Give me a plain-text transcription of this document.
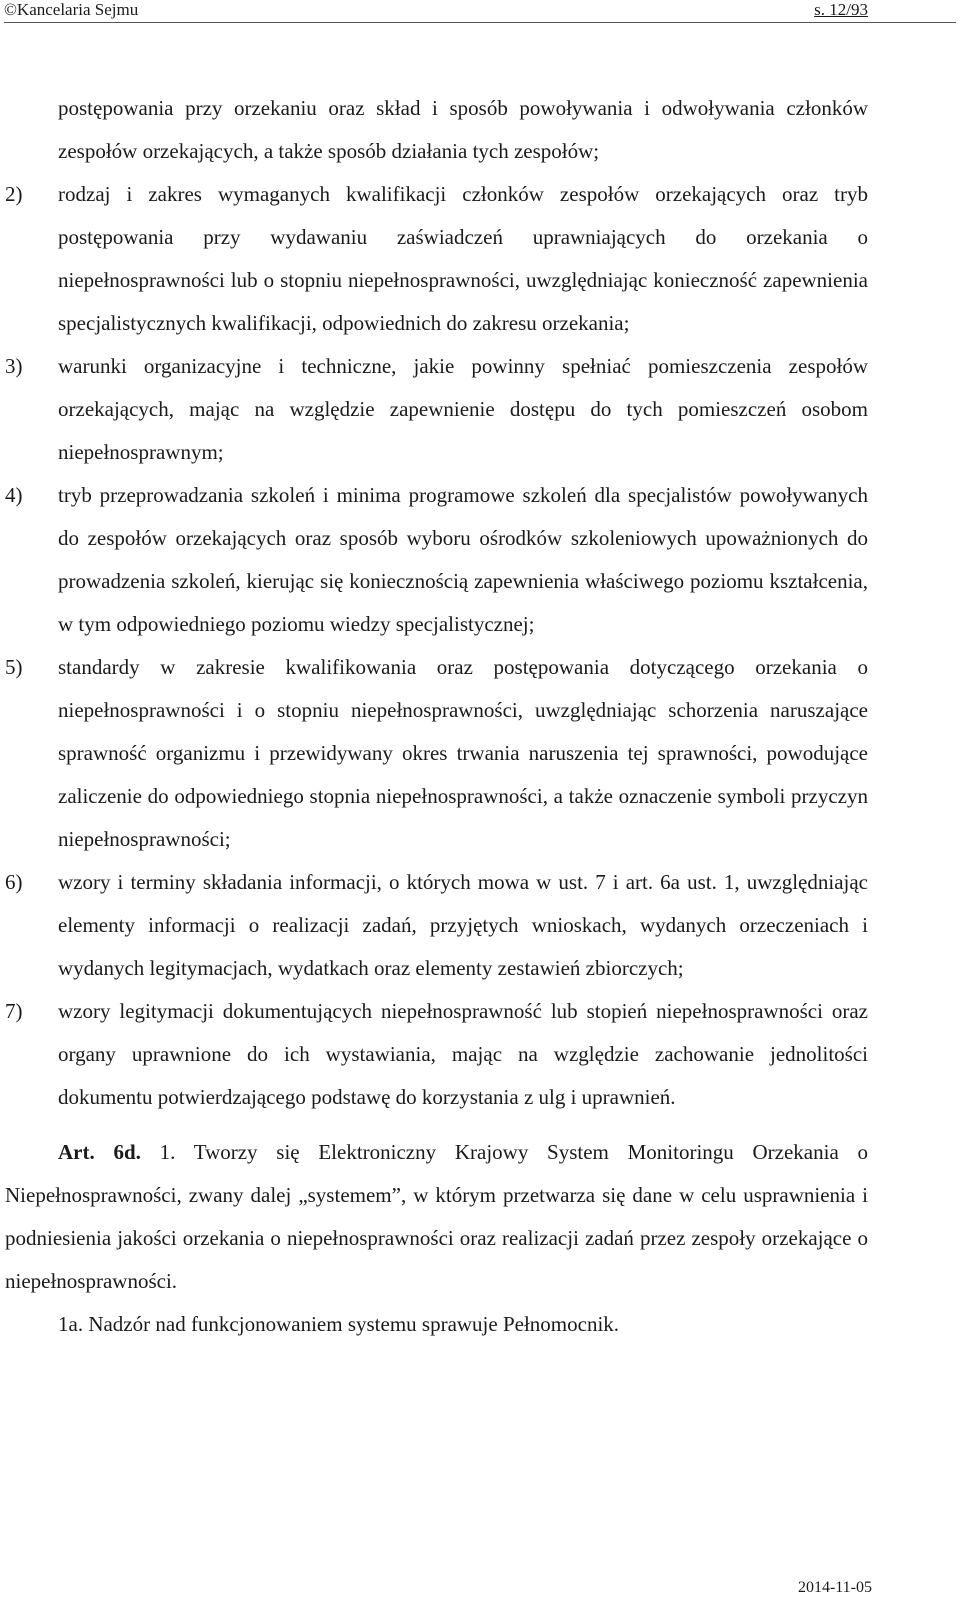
©Kancelaria Sejmu	s. 12/93
postępowania przy orzekaniu oraz skład i sposób powoływania i odwoływania członków zespołów orzekających, a także sposób działania tych zespołów;
2) rodzaj i zakres wymaganych kwalifikacji członków zespołów orzekających oraz tryb postępowania przy wydawaniu zaświadczeń uprawniających do orzekania o niepełnosprawności lub o stopniu niepełnosprawności, uwzględniając konieczność zapewnienia specjalistycznych kwalifikacji, odpowiednich do zakresu orzekania;
3) warunki organizacyjne i techniczne, jakie powinny spełniać pomieszczenia zespołów orzekających, mając na względzie zapewnienie dostępu do tych pomieszczeń osobom niepełnosprawnym;
4) tryb przeprowadzania szkoleń i minima programowe szkoleń dla specjalistów powoływanych do zespołów orzekających oraz sposób wyboru ośrodków szkoleniowych upoważnionych do prowadzenia szkoleń, kierując się koniecznością zapewnienia właściwego poziomu kształcenia, w tym odpowiedniego poziomu wiedzy specjalistycznej;
5) standardy w zakresie kwalifikowania oraz postępowania dotyczącego orzekania o niepełnosprawności i o stopniu niepełnosprawności, uwzględniając schorzenia naruszające sprawność organizmu i przewidywany okres trwania naruszenia tej sprawności, powodujące zaliczenie do odpowiedniego stopnia niepełnosprawności, a także oznaczenie symboli przyczyn niepełnosprawności;
6) wzory i terminy składania informacji, o których mowa w ust. 7 i art. 6a ust. 1, uwzględniając elementy informacji o realizacji zadań, przyjętych wnioskach, wydanych orzeczeniach i wydanych legitymacjach, wydatkach oraz elementy zestawień zbiorczych;
7) wzory legitymacji dokumentujących niepełnosprawność lub stopień niepełnosprawności oraz organy uprawnione do ich wystawiania, mając na względzie zachowanie jednolitości dokumentu potwierdzającego podstawę do korzystania z ulg i uprawnień.
Art. 6d. 1. Tworzy się Elektroniczny Krajowy System Monitoringu Orzekania o Niepełnosprawności, zwany dalej „systemem”, w którym przetwarza się dane w celu usprawnienia i podniesienia jakości orzekania o niepełnosprawności oraz realizacji zadań przez zespoły orzekające o niepełnosprawności.
1a. Nadzór nad funkcjonowaniem systemu sprawuje Pełnomocnik.
2014-11-05
